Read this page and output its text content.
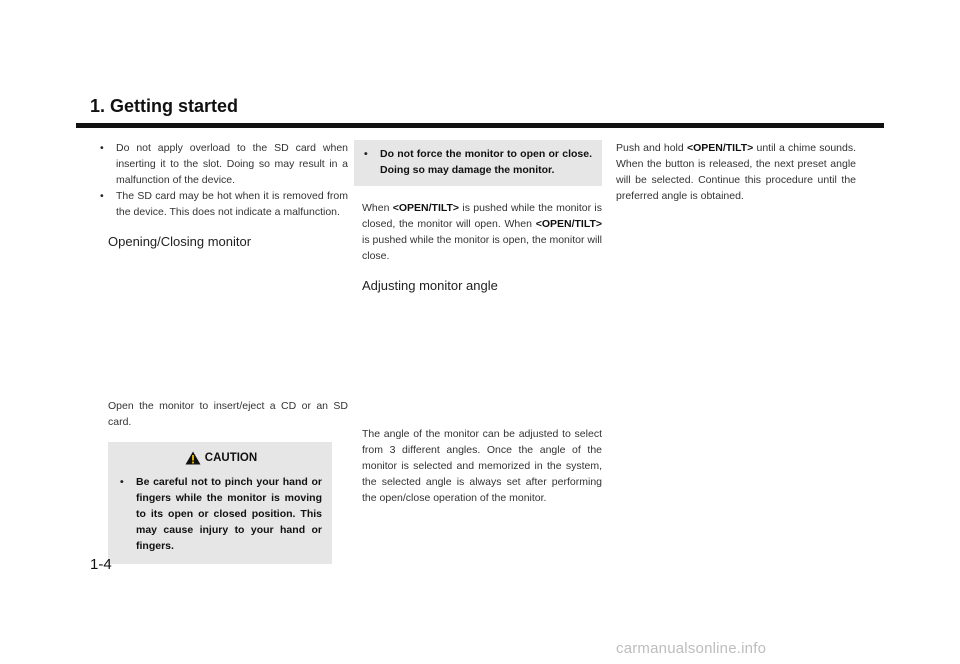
1. Getting started

• Do not apply overload to the SD card when inserting it to the slot. Doing so may result in a malfunction of the device.

• The SD card may be hot when it is removed from the device. This does not indicate a malfunction.

Opening/Closing monitor

Open the monitor to insert/eject a CD or an SD card.

CAUTION

• Be careful not to pinch your hand or fingers while the monitor is moving to its open or closed position. This may cause injury to your hand or fingers.

• Do not force the monitor to open or close. Doing so may damage the monitor.

When <OPEN/TILT> is pushed while the monitor is closed, the monitor will open. When <OPEN/TILT> is pushed while the monitor is open, the monitor will close.

Adjusting monitor angle

The angle of the monitor can be adjusted to select from 3 different angles. Once the angle of the monitor is selected and memorized in the system, the selected angle is always set after performing the open/close operation of the monitor.

Push and hold <OPEN/TILT> until a chime sounds. When the button is released, the next preset angle will be selected. Continue this procedure until the preferred angle is obtained.

1-4
carmanualsonline.info
